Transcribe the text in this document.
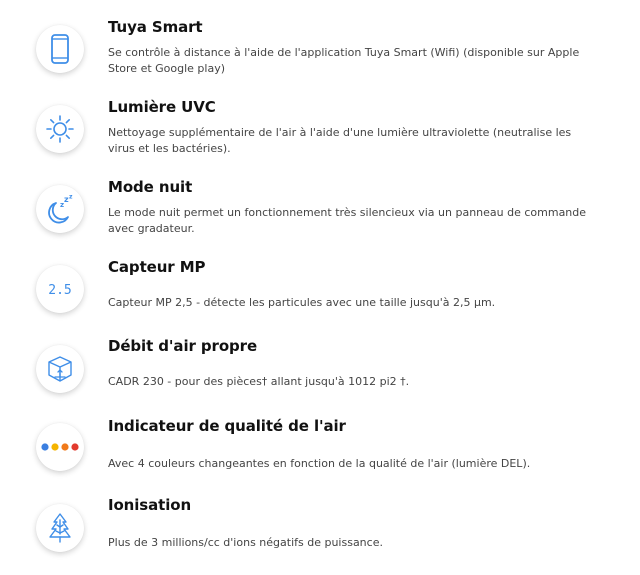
Tuya Smart
Se contrôle à distance à l'aide de l'application Tuya Smart (Wifi) (disponible sur Apple Store et Google play)
Lumière UVC
Nettoyage supplémentaire de l'air à l'aide d'une lumière ultraviolette (neutralise les virus et les bactéries).
z
z z
Mode nuit
Le mode nuit permet un fonctionnement très silencieux via un panneau de commande avec gradateur.
2.5
Capteur MP
Capteur MP 2,5 - détecte les particules avec une taille jusqu'à 2,5 µm.
Débit d'air propre
CADR 230 - pour des pièces† allant jusqu'à 1012 pi2 †.
Indicateur de qualité de l'air
Avec 4 couleurs changeantes en fonction de la qualité de l'air (lumière DEL).
Ionisation
Plus de 3 millions/cc d'ions négatifs de puissance.
